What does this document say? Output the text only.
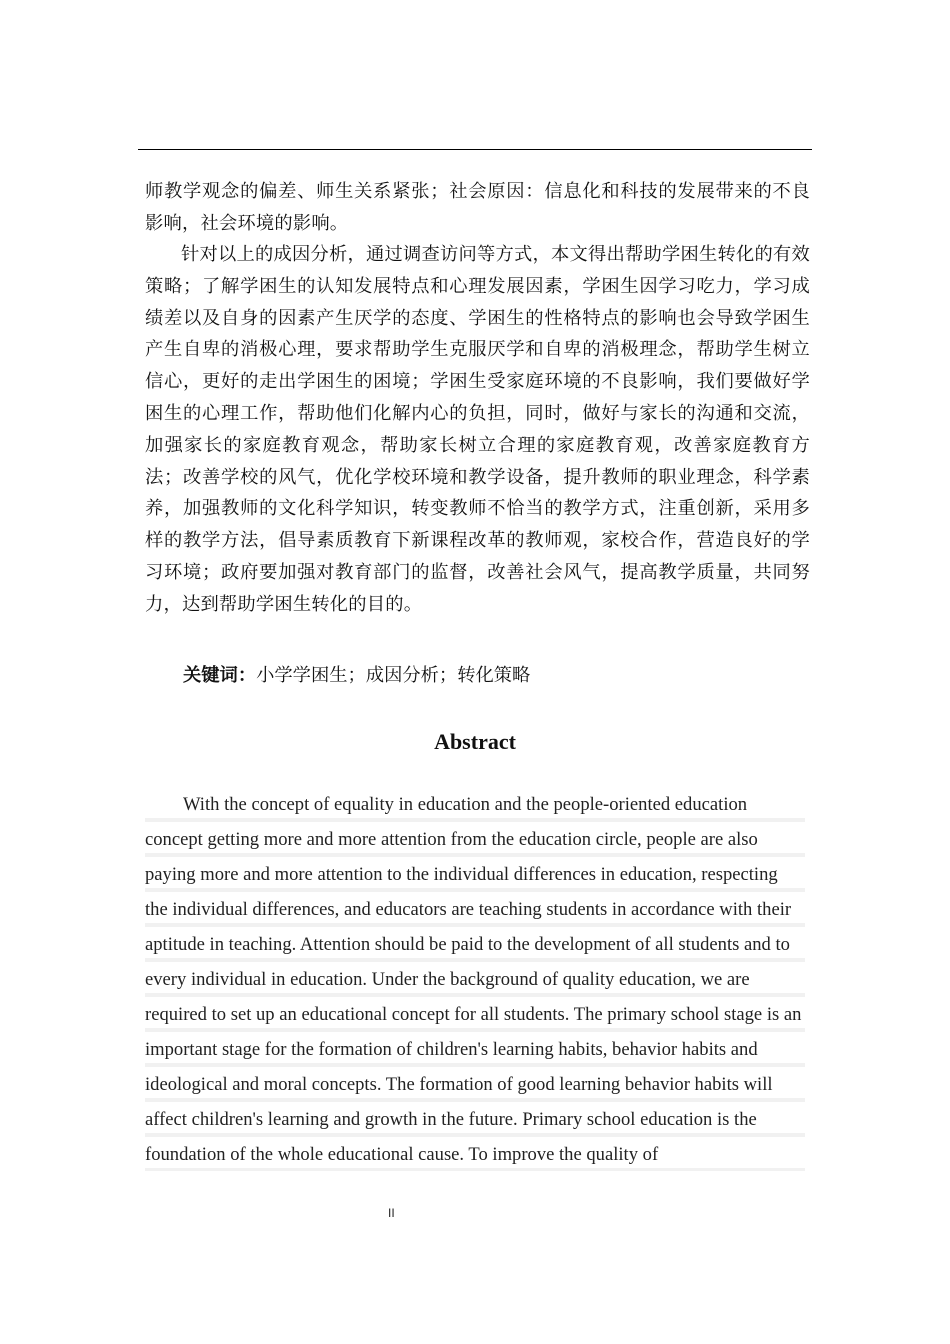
师教学观念的偏差、师生关系紧张；社会原因：信息化和科技的发展带来的不良影响，社会环境的影响。

针对以上的成因分析，通过调查访问等方式，本文得出帮助学困生转化的有效策略；了解学困生的认知发展特点和心理发展因素，学困生因学习吃力，学习成绩差以及自身的因素产生厌学的态度、学困生的性格特点的影响也会导致学困生产生自卑的消极心理，要求帮助学生克服厌学和自卑的消极理念，帮助学生树立信心，更好的走出学困生的困境；学困生受家庭环境的不良影响，我们要做好学困生的心理工作，帮助他们化解内心的负担，同时，做好与家长的沟通和交流，加强家长的家庭教育观念，帮助家长树立合理的家庭教育观，改善家庭教育方法；改善学校的风气，优化学校环境和教学设备，提升教师的职业理念，科学素养，加强教师的文化科学知识，转变教师不恰当的教学方式，注重创新，采用多样的教学方法，倡导素质教育下新课程改革的教师观，家校合作，营造良好的学习环境；政府要加强对教育部门的监督，改善社会风气，提高教学质量，共同努力，达到帮助学困生转化的目的。

关键词：小学学困生；成因分析；转化策略

Abstract

With the concept of equality in education and the people-oriented education concept getting more and more attention from the education circle, people are also paying more and more attention to the individual differences in education, respecting the individual differences, and educators are teaching students in accordance with their aptitude in teaching. Attention should be paid to the development of all students and to every individual in education. Under the background of quality education, we are required to set up an educational concept for all students. The primary school stage is an important stage for the formation of children's learning habits, behavior habits and ideological and moral concepts. The formation of good learning behavior habits will affect children's learning and growth in the future. Primary school education is the foundation of the whole educational cause. To improve the quality of

II
